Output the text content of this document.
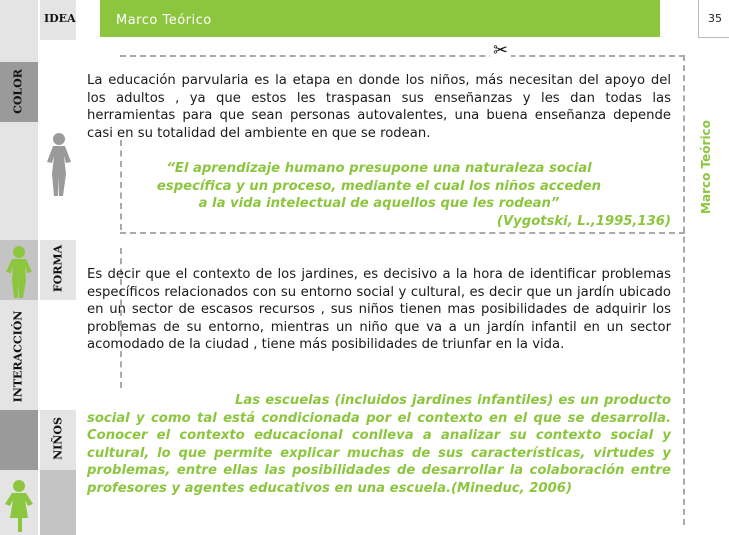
COLOR
INTERACCIÓN
IDEA
FORMA
NIÑOS
Marco Teórico	35
Marco Teórico
✂
La educación parvularia es la etapa en donde los niños, más necesitan del apoyo del los adultos , ya que estos les traspasan sus enseñanzas y les dan todas las herramientas para que sean personas autovalentes, una buena enseñanza depende casi en su totalidad del ambiente en que se rodean.
“El aprendizaje humano presupone una naturaleza social
específica y un proceso, mediante el cual los niños acceden
a la vida intelectual de aquellos que les rodean”
(Vygotski, L.,1995,136)
Es decir que el contexto de los jardines, es decisivo a la hora de identificar problemas específicos relacionados con su entorno social y cultural, es decir que un jardín ubicado en un sector de escasos recursos , sus niños tienen mas posibilidades de adquirir los problemas de su entorno, mientras un niño que va a un jardín infantil en un sector acomodado de la ciudad , tiene más posibilidades de triunfar en la vida.
Las escuelas (incluidos jardines infantiles) es un producto social y como tal está condicionada por el contexto en el que se desarrolla. Conocer el contexto educacional conlleva a analizar su contexto social y cultural, lo que permite explicar muchas de sus características, virtudes y problemas, entre ellas las posibilidades de desarrollar la colaboración entre profesores y agentes educativos en una escuela.(Mineduc, 2006)
